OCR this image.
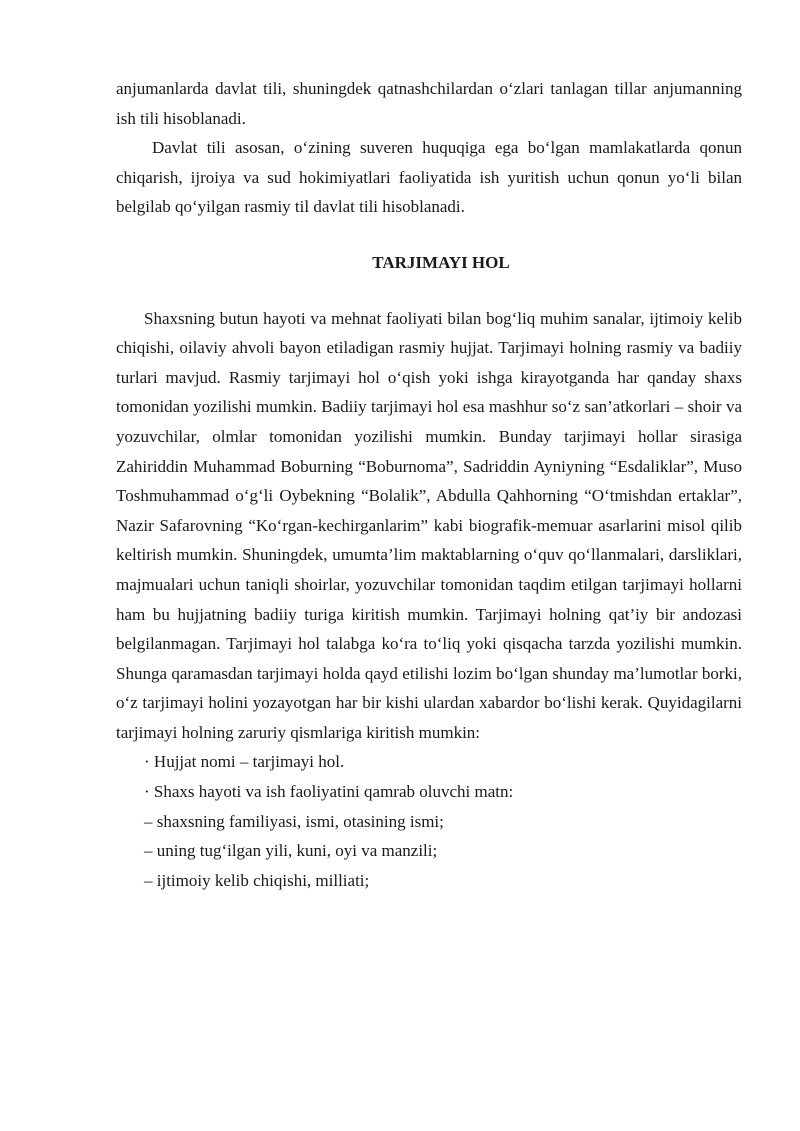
anjumanlarda davlat tili, shuningdek qatnashchilardan o‘zlari tanlagan tillar anjumanning ish tili hisoblanadi.

Davlat tili asosan, o‘zining suveren huquqiga ega bo‘lgan mamlakatlarda qonun chiqarish, ijroiya va sud hokimiyatlari faoliyatida ish yuritish uchun qonun yo‘li bilan belgilab qo‘yilgan rasmiy til davlat tili hisoblanadi.

TARJIMAYI HOL

Shaxsning butun hayoti va mehnat faoliyati bilan bog‘liq muhim sanalar, ijtimoiy kelib chiqishi, oilaviy ahvoli bayon etiladigan rasmiy hujjat. Tarjimayi holning rasmiy va badiiy turlari mavjud. Rasmiy tarjimayi hol o‘qish yoki ishga kirayotganda har qanday shaxs tomonidan yozilishi mumkin. Badiiy tarjimayi hol esa mashhur so‘z san’atkorlari – shoir va yozuvchilar, olmlar tomonidan yozilishi mumkin. Bunday tarjimayi hollar sirasiga Zahiriddin Muhammad Boburning “Boburnoma”, Sadriddin Ayniyning “Esdaliklar”, Muso Toshmuhammad o‘g‘li Oybekning “Bolalik”, Abdulla Qahhorning “O‘tmishdan ertaklar”, Nazir Safarovning “Ko‘rgan-kechirganlarim” kabi biografik-memuar asarlarini misol qilib keltirish mumkin. Shuningdek, umumta’lim maktablarning o‘quv qo‘llanmalari, darsliklari, majmualari uchun taniqli shoirlar, yozuvchilar tomonidan taqdim etilgan tarjimayi hollarni ham bu hujjatning badiiy turiga kiritish mumkin. Tarjimayi holning qat’iy bir andozasi belgilanmagan. Tarjimayi hol talabga ko‘ra to‘liq yoki qisqacha tarzda yozilishi mumkin. Shunga qaramasdan tarjimayi holda qayd etilishi lozim bo‘lgan shunday ma’lumotlar borki, o‘z tarjimayi holini yozayotgan har bir kishi ulardan xabardor bo‘lishi kerak. Quyidagilarni tarjimayi holning zaruriy qismlariga kiritish mumkin:

· Hujjat nomi – tarjimayi hol.

· Shaxs hayoti va ish faoliyatini qamrab oluvchi matn:

– shaxsning familiyasi, ismi, otasining ismi;

– uning tug‘ilgan yili, kuni, oyi va manzili;

– ijtimoiy kelib chiqishi, milliati;
